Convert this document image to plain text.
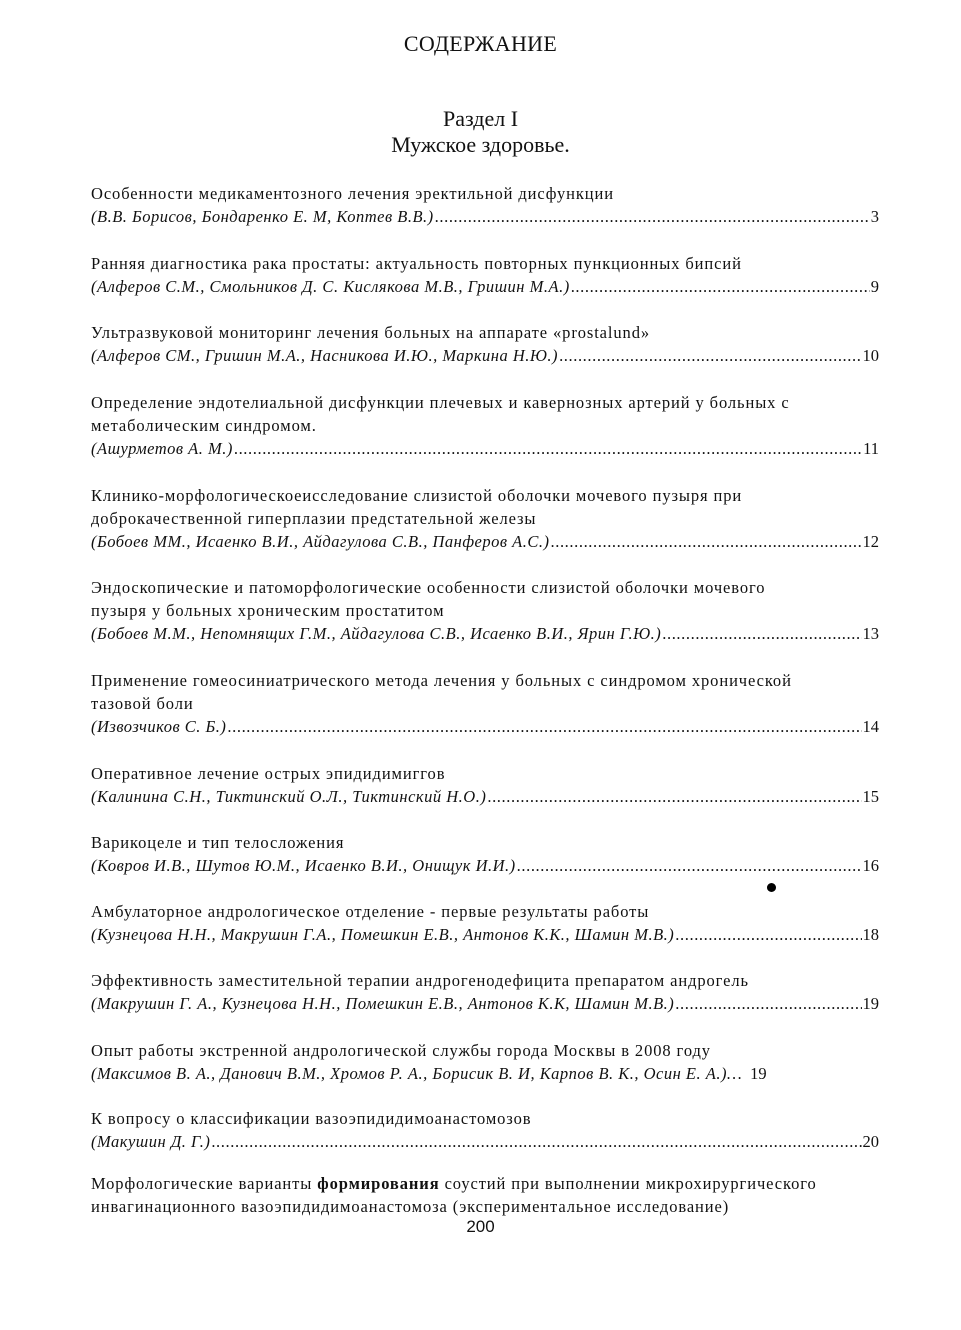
СОДЕРЖАНИЕ
Раздел I
Мужское здоровье.
Особенности медикаментозного лечения эректильной дисфункции
(В.В. Борисов, Бондаренко Е. М, Коптев В.В.) .....	3
Ранняя диагностика рака простаты: актуальность повторных пункционных бипсий
(Алферов С.М., Смольников Д. С. Кислякова М.В., Гришин М.А.) .....	9
Ультразвуковой мониторинг лечения больных на аппарате «prostalund»
(Алферов СМ., Гришин М.А., Насникова И.Ю., Маркина Н.Ю.) .....	10
Определение эндотелиальной дисфункции плечевых и кавернозных артерий у больных с
метаболическим синдромом.
(Ашурметов А. М.) .....	11
Клинико-морфологическоеисследование слизистой оболочки мочевого пузыря при
доброкачественной гиперплазии предстательной железы
(Бобоев ММ., Исаенко В.И., Айдагулова С.В., Панферов А.С.) .....	12
Эндоскопические и патоморфологические особенности слизистой оболочки мочевого
пузыря у больных хроническим простатитом
(Бобоев М.М., Непомнящих Г.М., Айдагулова С.В., Исаенко В.И., Ярин Г.Ю.) .....	13
Применение гомеосиниатрического метода лечения у больных с синдромом хронической
тазовой боли
(Извозчиков С. Б.) .....	14
Оперативное лечение острых эпидидимиггов
(Калинина С.Н., Тиктинский О.Л., Тиктинский Н.О.) .....	15
Варикоцеле и тип телосложения
(Ковров И.В., Шутов Ю.М., Исаенко В.И., Онищук И.И.) .....	16
Амбулаторное андрологическое отделение - первые результаты работы
(Кузнецова Н.Н., Макрушин Г.А., Помешкин Е.В., Антонов К.К., Шамин М.В.) .....	18
Эффективность заместительной терапии андрогенодефицита препаратом андрогель
(Макрушин Г. А., Кузнецова Н.Н., Помешкин Е.В., Антонов К.К, Шамин М.В.) .....	19
Опыт работы экстренной андрологической службы города Москвы в 2008 году
(Максимов В. А., Данович В.М., Хромов Р. А., Борисик В. И, Карпов В. К., Осин Е. А.)… 19
К вопросу о классификации вазоэпидидимоанастомозов
(Макушин Д. Г.) .....	20
Морфологические варианты формирования соустий при выполнении микрохирургического
инвагинационного вазоэпидидимоанастомоза (экспериментальное исследование)
200
